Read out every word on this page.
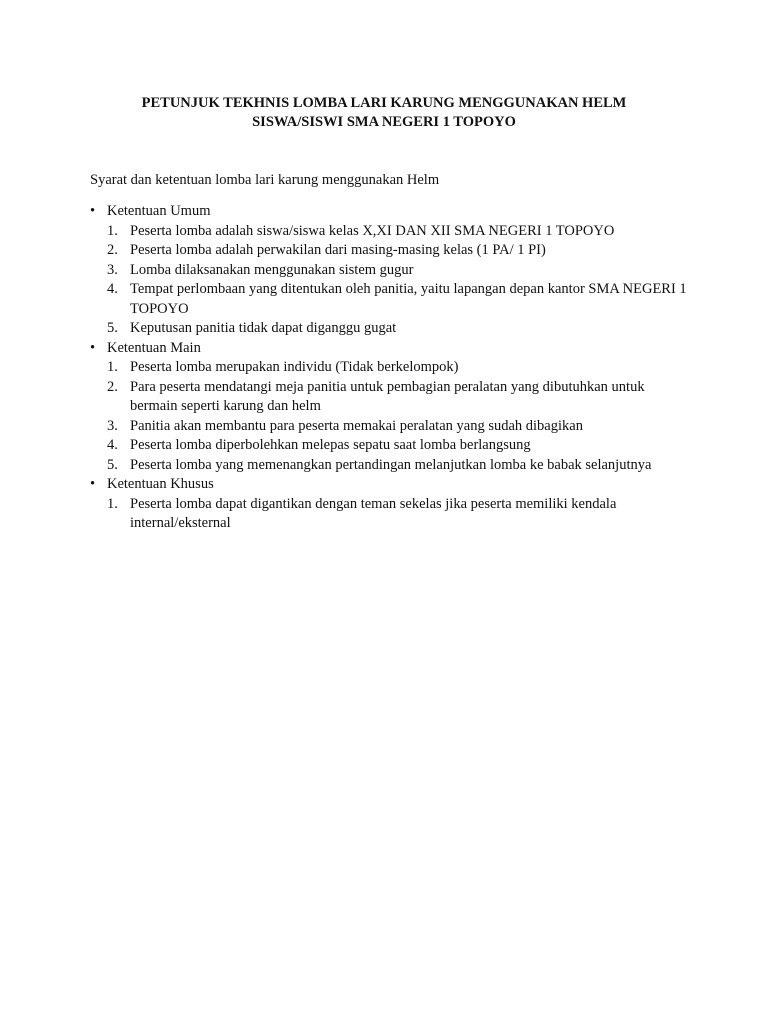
PETUNJUK TEKHNIS LOMBA LARI KARUNG MENGGUNAKAN HELM
SISWA/SISWI SMA NEGERI 1 TOPOYO
Syarat dan ketentuan lomba lari karung menggunakan Helm
• Ketentuan Umum
1. Peserta lomba adalah siswa/siswa kelas X,XI DAN XII SMA NEGERI 1 TOPOYO
2. Peserta lomba adalah perwakilan dari masing-masing kelas (1 PA/ 1 PI)
3. Lomba dilaksanakan menggunakan sistem gugur
4. Tempat perlombaan yang ditentukan oleh panitia, yaitu lapangan depan kantor SMA NEGERI 1 TOPOYO
5. Keputusan panitia tidak dapat diganggu gugat
• Ketentuan Main
1. Peserta lomba merupakan individu (Tidak berkelompok)
2. Para peserta mendatangi meja panitia untuk pembagian peralatan yang dibutuhkan untuk bermain seperti karung dan helm
3. Panitia akan membantu para peserta memakai peralatan yang sudah dibagikan
4. Peserta lomba diperbolehkan melepas sepatu saat lomba berlangsung
5. Peserta lomba yang memenangkan pertandingan melanjutkan lomba ke babak selanjutnya
• Ketentuan Khusus
1. Peserta lomba dapat digantikan dengan teman sekelas jika peserta memiliki kendala internal/eksternal
